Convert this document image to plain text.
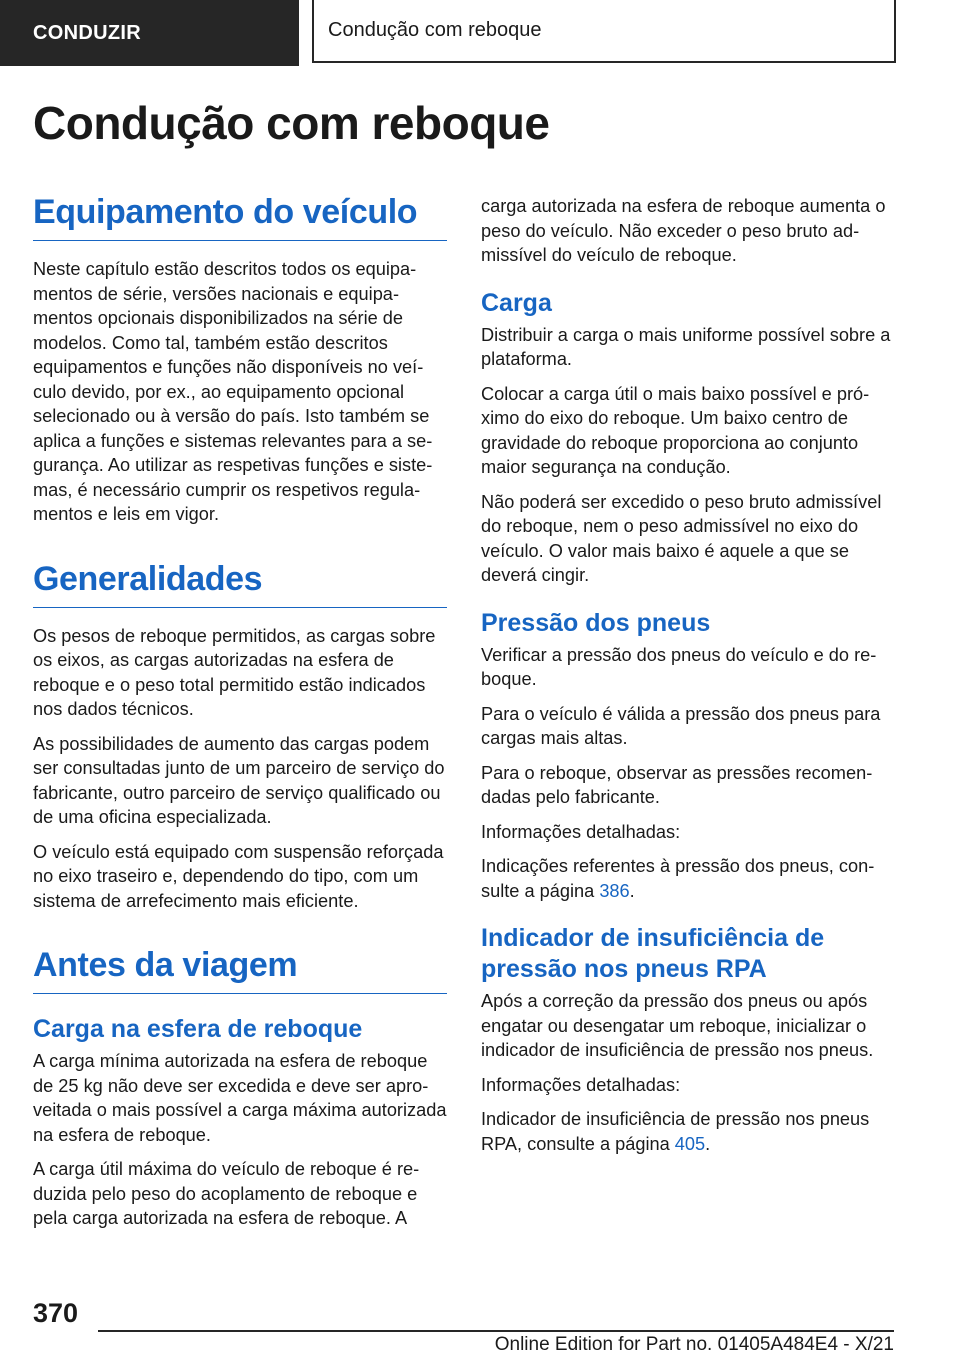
CONDUZIR	Condução com reboque
Condução com reboque
Equipamento do veículo

Neste capítulo estão descritos todos os equipamentos de série, versões nacionais e equipamentos opcionais disponibilizados na série de modelos. Como tal, também estão descritos equipamentos e funções não disponíveis no veículo devido, por ex., ao equipamento opcional selecionado ou à versão do país. Isto também se aplica a funções e sistemas relevantes para a segurança. Ao utilizar as respetivas funções e sistemas, é necessário cumprir os respetivos regulamentos e leis em vigor.

Generalidades

Os pesos de reboque permitidos, as cargas sobre os eixos, as cargas autorizadas na esfera de reboque e o peso total permitido estão indicados nos dados técnicos.

As possibilidades de aumento das cargas podem ser consultadas junto de um parceiro de serviço do fabricante, outro parceiro de serviço qualificado ou de uma oficina especializada.

O veículo está equipado com suspensão reforçada no eixo traseiro e, dependendo do tipo, com um sistema de arrefecimento mais eficiente.

Antes da viagem
Carga na esfera de reboque

A carga mínima autorizada na esfera de reboque de 25 kg não deve ser excedida e deve ser aproveitada o mais possível a carga máxima autorizada na esfera de reboque.

A carga útil máxima do veículo de reboque é reduzida pelo peso do acoplamento de reboque e pela carga autorizada na esfera de reboque. A

carga autorizada na esfera de reboque aumenta o peso do veículo. Não exceder o peso bruto admissível do veículo de reboque.

Carga

Distribuir a carga o mais uniforme possível sobre a plataforma.

Colocar a carga útil o mais baixo possível e próximo do eixo do reboque. Um baixo centro de gravidade do reboque proporciona ao conjunto maior segurança na condução.

Não poderá ser excedido o peso bruto admissível do reboque, nem o peso admissível no eixo do veículo. O valor mais baixo é aquele a que se deverá cingir.

Pressão dos pneus

Verificar a pressão dos pneus do veículo e do reboque.

Para o veículo é válida a pressão dos pneus para cargas mais altas.

Para o reboque, observar as pressões recomendadas pelo fabricante.

Informações detalhadas:

Indicações referentes à pressão dos pneus, consulte a página 386.

Indicador de insuficiência de pressão nos pneus RPA

Após a correção da pressão dos pneus ou após engatar ou desengatar um reboque, inicializar o indicador de insuficiência de pressão nos pneus.

Informações detalhadas:

Indicador de insuficiência de pressão nos pneus RPA, consulte a página 405.

370
Online Edition for Part no. 01405A484E4 - X/21
